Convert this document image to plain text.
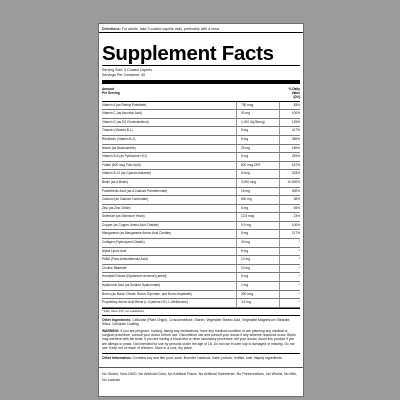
Directions: For adults, take 3 coated caplets daily, preferably with a meal.
Supplement Facts
Serving Size: 3 Coated Caplets
Servings Per Container: 40
Amount
Per Serving
% Daily
Value
(DV)
Vitamin A (as Retinyl Palmitate)	750 mcg	83%
Vitamin C (as Ascorbic Acid)	90 mg	100%
Vitamin D (as D3 Cholecalciferol)	1,000 IU(25mcg)	125%
Thiamin (Vitamin B-1)	5 mg	417%
Riboflavin (Vitamin B-2)	5 mg	385%
Niacin (as Niacinamide)	25 mg	156%
Vitamin B-6 (as Pyridoxine HCl)	5 mg	294%
Folate (800 mcg Folic Acid)	800 mcg DFE	167%
Vitamin B-12 (as Cyanocobalamin)	8 mcg	333%
Biotin (as d-Biotin)	3,000 mcg	10,000%
Pantothenic Acid (as d-Calcium Pantothenate)	15 mg	300%
Calcium (as Calcium Carbonate)	500 mg	38%
Zinc (as Zinc Oxide)	6 mg	55%
Selenium (as Selenium Yeast)	12.5 mcg	23%
Copper (as Copper Amino Acid Chelate)	0.9 mg	100%
Manganese (as Manganese Amino Acid Chelate)	5 mg	217%
Collagen (Hydrolyzed Gelatin)	40 mg	*
Alpha Lipoic Acid	5 mg	*
PABA (Para-Aminobenzoic Acid)	10 mg	*
Choline Bitartrate	10 mg	*
Horsetail Extract (Equisetum arvense) (aerial)	5 mg	*
Hyaluronic Acid (as Sodium Hyaluronate)	1 mg	*
Boron (as Boron Citrate, Boron Glycinate, and Boron Aspartate)	300 mcg	*
Proprietary Amino Acid Blend (L-Cysteine HCl, L-Methionine)	3.5 mg	*
* Daily Value (DV) not established
Other Ingredients: Cellulose (Plant Origin), Croscarmellose, Starch, Vegetable Stearic Acid, Vegetable Magnesium Stearate, Silica, Cellulose Coating.
WARNING: If you are pregnant, nursing, taking any medications, have any medical condition or are planning any medical or surgical procedure, consult your doctor before use. Discontinue use and consult your doctor if any adverse reactions occur. Biotin may interfere with lab tests. If you are having a blood test or other laboratory procedure, tell your doctor. Avoid this product if you are allergic to yeast. Not intended for use by persons under the age of 18. Do not use if outer cap is damaged or missing. Do not use. Keep out of reach of children. Store in a cool, dry place.
Other Information: Contains soy and fish (cod, sunk, flounder, haddock, hake, pollock, redfish, sole, tilapia) ingredients.
No Gluten, Non-GMO, No Artificial Color, No Artificial Flavor, No Artificial Sweetener, No Preservatives, No Wheat, No Milk, No Lactose
